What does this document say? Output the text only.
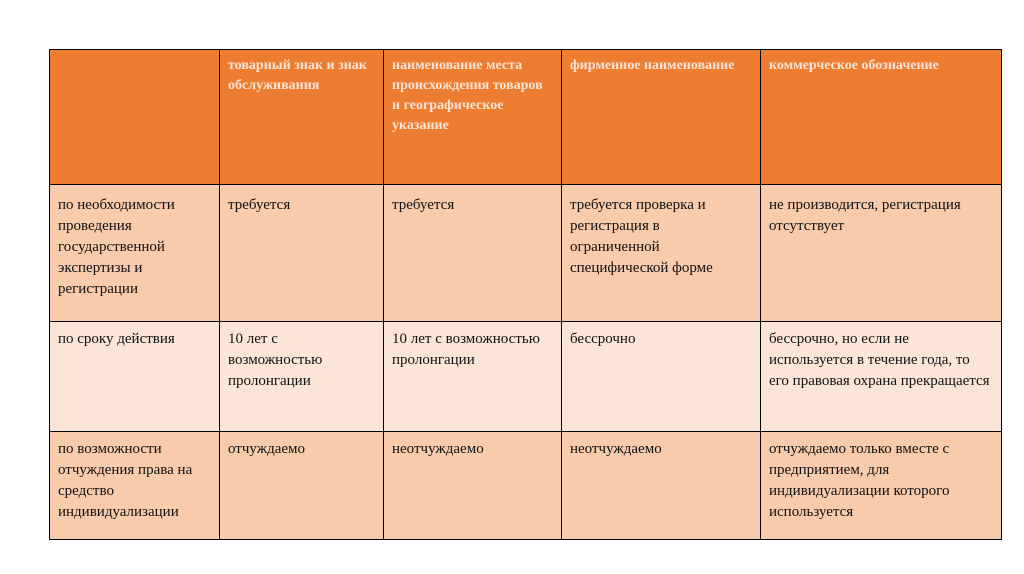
	товарный знак и знак обслуживания	наименование места происхождения товаров и географическое указание	фирменное наименование	коммерческое обозначение
по необходимости проведения государственной экспертизы и регистрации	требуется	требуется	требуется проверка и регистрация в ограниченной специфической форме	не производится, регистрация отсутствует
по сроку действия	10 лет с возможностью пролонгации	10 лет с возможностью пролонгации	бессрочно	бессрочно, но если не используется в течение года, то его правовая охрана прекращается
по возможности отчуждения права на средство индивидуализации	отчуждаемо	неотчуждаемо	неотчуждаемо	отчуждаемо только вместе с предприятием, для индивидуализации которого используется
